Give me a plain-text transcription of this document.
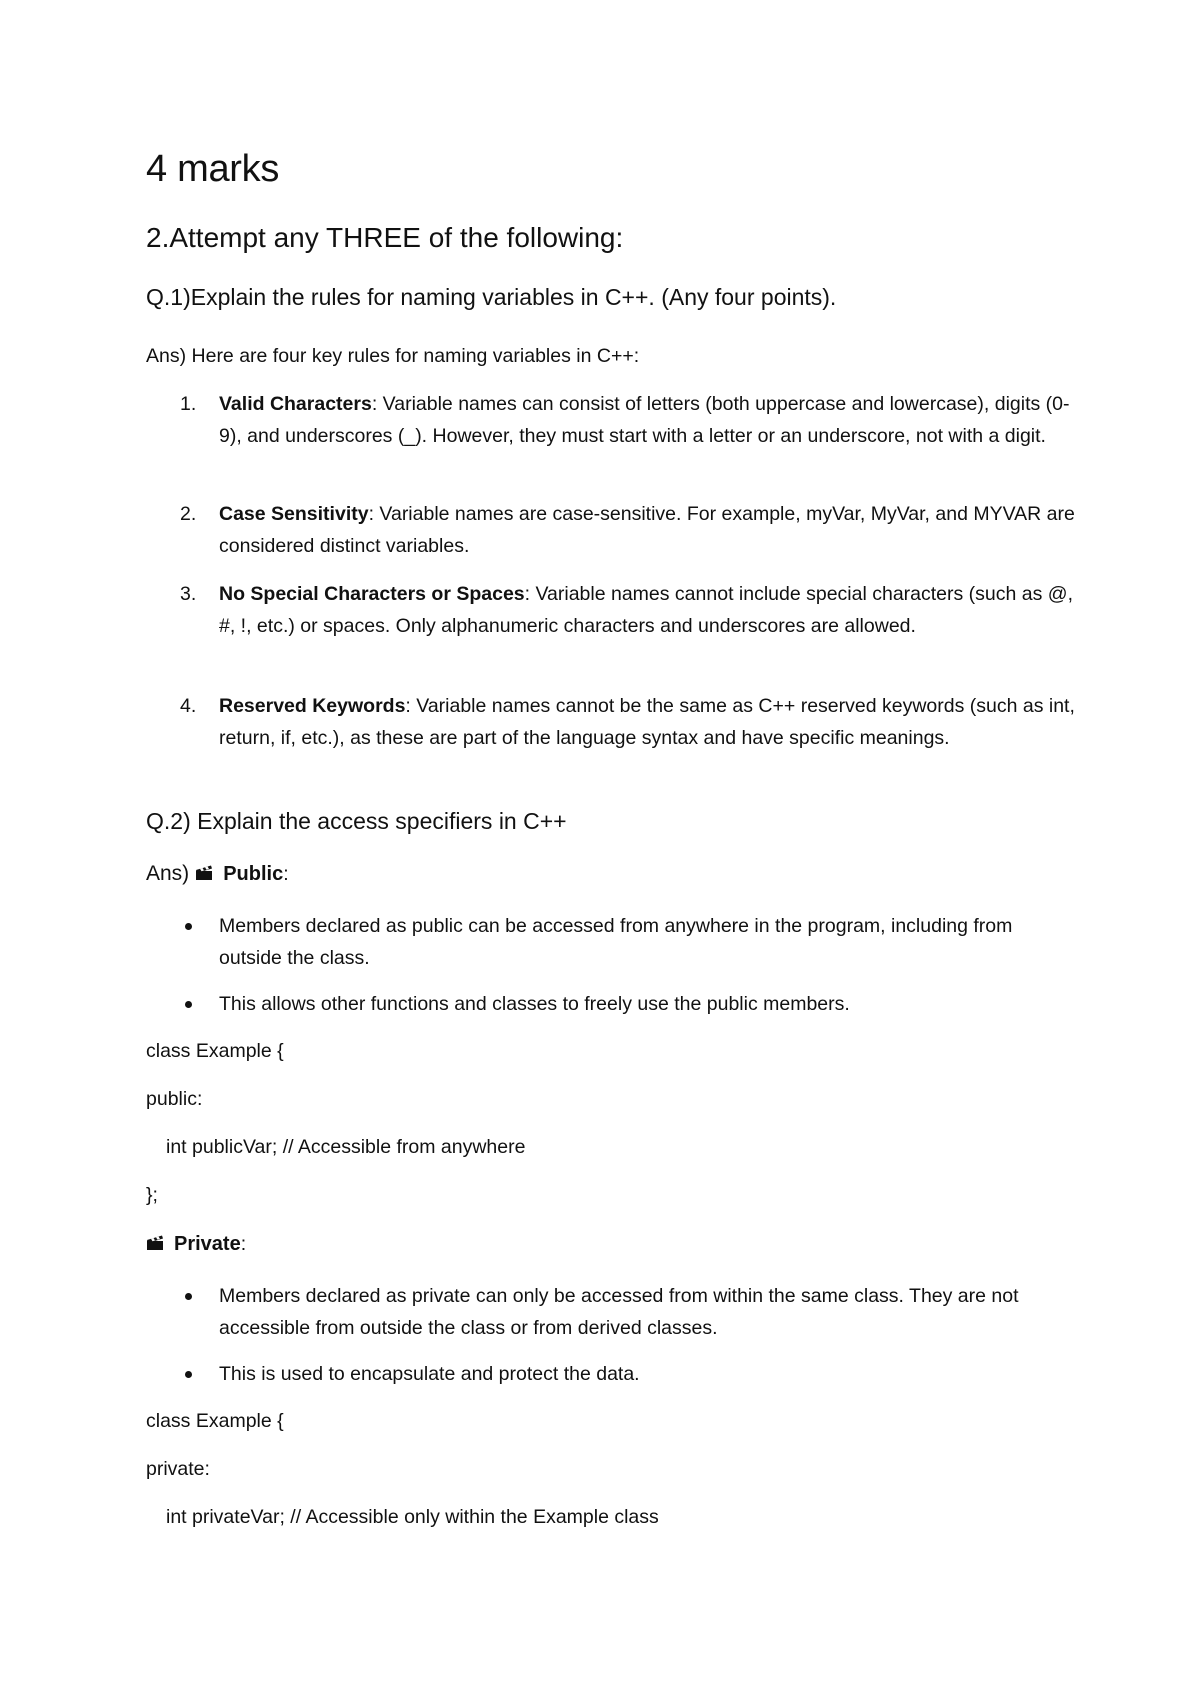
4 marks
2.Attempt any THREE of the following:

Q.1)Explain the rules for naming variables in C++. (Any four points).

Ans) Here are four key rules for naming variables in C++:

1.	Valid Characters: Variable names can consist of letters (both uppercase and lowercase), digits (0-9), and underscores (_). However, they must start with a letter or an underscore, not with a digit.
2.	Case Sensitivity: Variable names are case-sensitive. For example, myVar, MyVar, and MYVAR are considered distinct variables.
3.	No Special Characters or Spaces: Variable names cannot include special characters (such as @, #, !, etc.) or spaces. Only alphanumeric characters and underscores are allowed.
4.	Reserved Keywords: Variable names cannot be the same as C++ reserved keywords (such as int, return, if, etc.), as these are part of the language syntax and have specific meanings.

Q.2) Explain the access specifiers in C++

Ans) Public:

Members declared as public can be accessed from anywhere in the program, including from outside the class.
This allows other functions and classes to freely use the public members.

class Example {

public:

int publicVar; // Accessible from anywhere

};

Private:

Members declared as private can only be accessed from within the same class. They are not accessible from outside the class or from derived classes.
This is used to encapsulate and protect the data.

class Example {

private:

int privateVar; // Accessible only within the Example class
